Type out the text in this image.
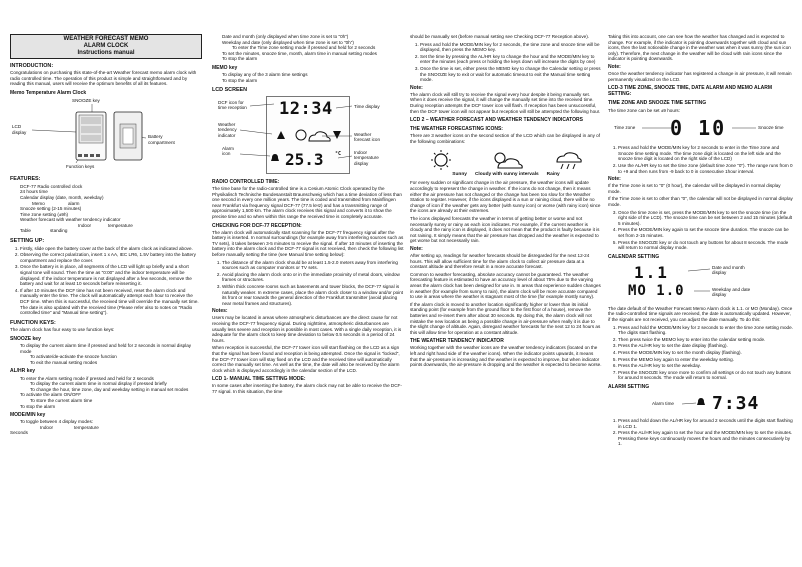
WEATHER FORECAST MEMO
ALARM CLOCK
Instructions manual
INTRODUCTION:

Congratulations on purchasing this state-of-the-art Weather forecast memo alarm clock with radio controlled time. The operation of this product is simple and straightforward and by reading this manual, users will receive the optimum benefits of all its features.

Memo Temperature Alarm Clock
SNOOZE key
LCD
display
Battery
compartment
Function keys
FEATURES:
DCF-77 Radio controlled clock
24 hours time
Calendar display (date, month, weekday)
Memo	alarm
Snooze setting (2-15 minutes)
Time zone setting (±9h)
Weather forecast with weather tendency indicator
Indoor	temperature
Table	standing
SETTING UP:
1. Firstly, slide open the battery cover at the back of the alarm clock as indicated above.
2. Observing the correct polarization, insert 1 x AA, IEC LR6, 1.5V battery into the battery compartment and replace the cover.
3. Once the battery is in place, all segments of the LCD will light up briefly and a short signal tone will sound. Then the time as "0:00" and the indoor temperature will be displayed. If the indoor temperature is not displayed after a few seconds, remove the battery and wait for at least 10 seconds before reinserting it.
4. If after 10 minutes the DCF time has not been received, reset the alarm clock and manually enter the time. The clock will automatically attempt each hour to receive the DCF time. When this is successful, the received time will override the manually set time. The date is also updated with the received time (Please refer also to notes on "Radio controlled time" and "Manual time setting").
FUNCTION KEYS:

The alarm clock has four easy to use function keys:

SNOOZE key
To display the current alarm time if pressed and held for 2 seconds in normal display mode
To activate/de-activate the snooze function
To exit the manual setting modes
AL/HR key
To enter the Alarm setting mode if pressed and held for 2 seconds
To display the current alarm time in normal display if pressed briefly
To change the hour, time zone, day and weekday setting in manual set modes
To activate the alarm ON/OFF
To store the current alarm time
To stop the alarm
MODE/MIN key
To toggle between 4 display modes:
Indoor	temperature
Seconds
Date and month (only displayed when time zone is set to "0h")
Weekday and date (only displayed when time zone is set to "0h")
To enter the Time zone setting mode if pressed and held for 2 seconds
To set the minutes, snooze time, month, alarm time in manual setting modes
To stop the alarm
MEMO key
To display any of the 3 alarm time settings
To stop the alarm
LCD SCREEN
DCF icon for
time reception	Time display
Weather
tendency
indicator	Weather
forecast icon
Alarm
icon	Indoor
temperature
display
12:34
25.3 °C
RADIO CONTROLLED TIME:

The time base for the radio-controlled time is a Cesium Atomic Clock operated by the Physikalisch Technische Bundesanstalt Braunschweig which has a time deviation of less than one second in every one million years. The time is coded and transmitted from Mainflingen near Frankfurt via frequency signal DCF-77 (77.5 kHz) and has a transmitting range of approximately 1,500 km. The alarm clock receives this signal and converts it to show the precise time and so when within this range the received time is completely accurate.

CHECKING FOR DCF-77 RECEPTION:

The alarm clock will automatically start scanning for the DCF-77 frequency signal after the battery is inserted. In normal surroundings (for example away from interfering sources such as TV sets), it takes between 3-5 minutes to receive the signal. If after 10 minutes of inserting the battery into the alarm clock and the DCF-77 signal is not received, then check the following list before manually setting the time (see Manual time setting below):

1. The distance of the alarm clock should be at least 1.5-2.0 meters away from interfering sources such as computer monitors or TV sets.
2. Avoid placing the alarm clock onto or in the immediate proximity of metal doors, window frames or structures.
3. Within thick concrete rooms such as basements and tower blocks, the DCF-77 signal is naturally weaker. In extreme cases, place the alarm clock closer to a window and/or point its front or rear towards the general direction of the Frankfurt transmitter (avoid placing near metal frames and structures).
Notes:

Users may be located in areas where atmospheric disturbances are the direct cause for not receiving the DCF-77 frequency signal. During nighttime, atmospheric disturbances are usually less severe and reception is possible in most cases. With a single daily reception, it is adequate for the alarm clock to keep time deviation to below 0.5 seconds in a period of 24 hours.

When reception is successful, the DCF-77 tower icon will start flashing on the LCD as a sign that the signal has been found and reception is being attempted. Once the signal is "locked", the DCF-77 tower icon will stay fixed on the LCD and the received time will automatically correct the manually set time. As well as the time, the date will also be received by the alarm clock which is displayed accordingly in the calendar section of the LCD.

LCD 1- MANUAL TIME SETTING MODE:

In some cases after inserting the battery, the alarm clock may not be able to receive the DCF-77 signal. In this situation, the time

should be manually set (before manual setting see Checking DCF-77 Reception above).

1. Press and hold the MODE/MIN key for 2 seconds, the time zone and snooze time will be displayed, then press the MEMO key.
2. Set the time by pressing the AL/HR key to change the hour and the MODE/MIN key to enter the minutes (each press or holding the keys down will increase the digits by one)
3. Once the time is set, either press the MEMO key to change the Calendar setting or press the SNOOZE key to exit or wait for automatic timeout to exit the Manual time setting mode.
Note:

The alarm clock will still try to receive the signal every hour despite it being manually set. When it does receive the signal, it will change the manually set time into the received time. During reception attempts the DCF tower icon will flash. If reception has been unsuccessful, then the DCF tower icon will not appear but reception will still be attempted the following hour.

LCD 2 – WEATHER FORECAST AND WEATHER TENDENCY INDICATORS
THE WEATHER FORECASTING ICONS:

There are 3 weather icons on the second section of the LCD which can be displayed in any of the following combinations:

Sunny Cloudy with sunny intervals Rainy

For every sudden or significant change in the air pressure, the weather icons will update accordingly to represent the change in weather. If the icons do not change, then it means either the air pressure has not changed or the change has been too slow for the Weather Station to register. However, if the icons displayed is a sun or raining cloud, there will be no change of icon if the weather gets any better (with sunny icon) or worse (with rainy icon) since the icons are already at their extremes.

The icons displayed forecasts the weather in terms of getting better or worse and not necessarily sunny or rainy as each icon indicates. For example, if the current weather is cloudy and the rainy icon is displayed, it does not mean that the product is faulty because it is not raining. It simply means that the air pressure has dropped and the weather is expected to get worse but not necessarily rain.

Note:

After setting up, readings for weather forecasts should be disregarded for the next 12-24 hours. This will allow sufficient time for the alarm clock to collect air pressure data at a constant altitude and therefore result in a more accurate forecast.

Common to weather forecasting, absolute accuracy cannot be guaranteed. The weather forecasting feature is estimated to have an accuracy level of about 75% due to the varying areas the alarm clock has been designed for use in. In areas that experience sudden changes in weather (for example from sunny to rain), the alarm clock will be more accurate compared to use in areas where the weather is stagnant most of the time (for example mostly sunny).

If the alarm clock is moved to another location significantly higher or lower than its initial standing point (for example from the ground floor to the first floor of a house), remove the batteries and re-insert them after about 30 seconds. By doing this, the alarm clock will not mistake the new location as being a possible change in air-pressure when really it is due to the slight change of altitude. Again, disregard weather forecasts for the next 12 to 24 hours as this will allow time for operation at a constant altitude.

THE WEATHER TENDENCY INDICATOR

Working together with the weather icons are the weather tendency indicators (located on the left and right hand side of the weather icons). When the indicator points upwards, it means that the air-pressure is increasing and the weather is expected to improve, but when indicator points downwards, the air-pressure is dropping and the weather is expected to become worse.

Taking this into account, one can see how the weather has changed and is expected to change. For example, if the indicator is pointing downwards together with cloud and sun icons, then the last noticeable change in the weather was when it was sunny (the sun icon only). Therefore, the next change in the weather will be cloud with rain icons since the indicator is pointing downwards.

Note:

Once the weather tendency indicator has registered a change in air pressure, it will remain permanently visualized on the LCD.

LCD-3 TIME ZONE, SNOOZE TIME, DATE ALARM AND MEMO ALARM SETTING:
TIME ZONE AND SNOOZE TIME SETTING

The time zone can be set ±9 hours:

Time zone	Snooze time
0 10
1. Press and hold the MODE/MIN key for 2 seconds to enter in the Time zone and Snooze time setting mode. The time zone digit is located on the left side and the snooze time digit is located on the right side of the LCD)
2. Use the AL/HR key to set the time zone (default time zone "0"). The range runs from 0 to +9 and then runs from -9 back to 0 in consecutive 1hour interval.
Note:

If the Time zone is set to "0" (0 hour), the calendar will be displayed in normal display mode.

If the Time zone is set to other than "0", the calendar will not be displayed in normal display mode.

3. Once the time zone is set, press the MODE/MIN key to set the snooze time (on the right side of the LCD). The snooze time can be set between 2 and 15 minutes (default 5 minutes).
4. Press the MODE/MIN key again to set the snooze time duration. The snooze can be set from 2-15 minutes.
5. Press the SNOOZE key or do not touch any buttons for about 8 seconds. The mode will return to normal display mode.
CALENDAR SETTING
1.1
MO 1.0
Date and month
display
Weekday and date
display

The date default of the Weather Forecast Memo Alarm clock is 1.1. or MO (Monday). Once the radio-controlled time signals are received, the date is automatically updated. However, if the signals are not received, you can adjust the date manually. To do this:

1. Press and hold the MODE/MIN key for 2 seconds to enter the time zone setting mode. The digits start flashing.
2. Then press twice the MEMO key to enter into the calendar setting mode.
3. Press the AL/HR key to set the date display (flashing).
4. Press the MODE/MIN key to set the month display (flashing).
5. Press the MEMO key again to enter the weekday setting.
6. Press the AL/HR key to set the weekday.
7. Press the SNOOZE key once more to confirm all settings or do not touch any buttons for around 8 seconds. The mode will return to normal.
ALARM SETTING
Alarm time 7:34
1. Press and hold down the AL/HR key for around 2 seconds until the digits start flashing in LCD 1.
2. Press the AL/HR key again to set the hour and the MODE/MIN key to set the minutes. Pressing these keys continuously moves the hours and the minutes consecutively by 1.
